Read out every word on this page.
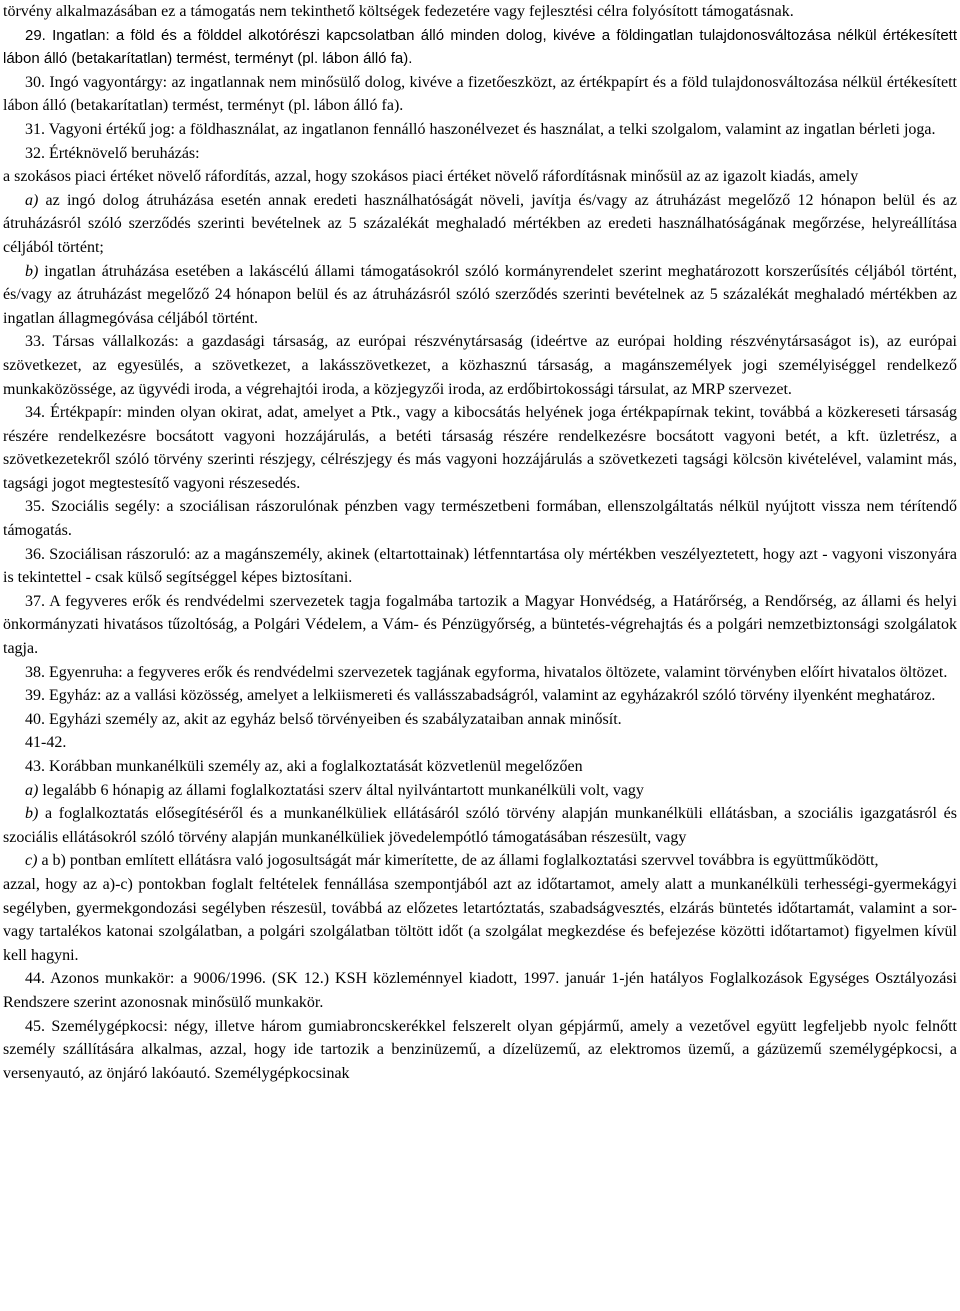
törvény alkalmazásában ez a támogatás nem tekinthető költségek fedezetére vagy fejlesztési célra folyósított támogatásnak.

29. Ingatlan: a föld és a földdel alkotórészi kapcsolatban álló minden dolog, kivéve a földingatlan tulajdonosváltozása nélkül értékesített lábon álló (betakarítatlan) termést, terményt (pl. lábon álló fa).

30. Ingó vagyontárgy: az ingatlannak nem minősülő dolog, kivéve a fizetőeszközt, az értékpapírt és a föld tulajdonosváltozása nélkül értékesített lábon álló (betakarítatlan) termést, terményt (pl. lábon álló fa).

31. Vagyoni értékű jog: a földhasználat, az ingatlanon fennálló haszonélvezet és használat, a telki szolgalom, valamint az ingatlan bérleti joga.

32. Értéknövelő beruházás:

a szokásos piaci értéket növelő ráfordítás, azzal, hogy szokásos piaci értéket növelő ráfordításnak minősül az az igazolt kiadás, amely

a) az ingó dolog átruházása esetén annak eredeti használhatóságát növeli, javítja és/vagy az átruházást megelőző 12 hónapon belül és az átruházásról szóló szerződés szerinti bevételnek az 5 százalékát meghaladó mértékben az eredeti használhatóságának megőrzése, helyreállítása céljából történt;

b) ingatlan átruházása esetében a lakáscélú állami támogatásokról szóló kormányrendelet szerint meghatározott korszerűsítés céljából történt, és/vagy az átruházást megelőző 24 hónapon belül és az átruházásról szóló szerződés szerinti bevételnek az 5 százalékát meghaladó mértékben az ingatlan állagmegóvása céljából történt.

33. Társas vállalkozás: a gazdasági társaság, az európai részvénytársaság (ideértve az európai holding részvénytársaságot is), az európai szövetkezet, az egyesülés, a szövetkezet, a lakásszövetkezet, a közhasznú társaság, a magánszemélyek jogi személyiséggel rendelkező munkaközössége, az ügyvédi iroda, a végrehajtói iroda, a közjegyzői iroda, az erdőbirtokossági társulat, az MRP szervezet.

34. Értékpapír: minden olyan okirat, adat, amelyet a Ptk., vagy a kibocsátás helyének joga értékpapírnak tekint, továbbá a közkereseti társaság részére rendelkezésre bocsátott vagyoni hozzájárulás, a betéti társaság részére rendelkezésre bocsátott vagyoni betét, a kft. üzletrész, a szövetkezetekről szóló törvény szerinti részjegy, célrészjegy és más vagyoni hozzájárulás a szövetkezeti tagsági kölcsön kivételével, valamint más, tagsági jogot megtestesítő vagyoni részesedés.

35. Szociális segély: a szociálisan rászorulónak pénzben vagy természetbeni formában, ellenszolgáltatás nélkül nyújtott vissza nem térítendő támogatás.

36. Szociálisan rászoruló: az a magánszemély, akinek (eltartottainak) létfenntartása oly mértékben veszélyeztetett, hogy azt - vagyoni viszonyára is tekintettel - csak külső segítséggel képes biztosítani.

37. A fegyveres erők és rendvédelmi szervezetek tagja fogalmába tartozik a Magyar Honvédség, a Határőrség, a Rendőrség, az állami és helyi önkormányzati hivatásos tűzoltóság, a Polgári Védelem, a Vám- és Pénzügyőrség, a büntetés-végrehajtás és a polgári nemzetbiztonsági szolgálatok tagja.

38. Egyenruha: a fegyveres erők és rendvédelmi szervezetek tagjának egyforma, hivatalos öltözete, valamint törvényben előírt hivatalos öltözet.

39. Egyház: az a vallási közösség, amelyet a lelkiismereti és vallásszabadságról, valamint az egyházakról szóló törvény ilyenként meghatároz.

40. Egyházi személy az, akit az egyház belső törvényeiben és szabályzataiban annak minősít.

41-42.

43. Korábban munkanélküli személy az, aki a foglalkoztatását közvetlenül megelőzően

a) legalább 6 hónapig az állami foglalkoztatási szerv által nyilvántartott munkanélküli volt, vagy

b) a foglalkoztatás elősegítéséről és a munkanélküliek ellátásáról szóló törvény alapján munkanélküli ellátásban, a szociális igazgatásról és szociális ellátásokról szóló törvény alapján munkanélküliek jövedelempótló támogatásában részesült, vagy

c) a b) pontban említett ellátásra való jogosultságát már kimerítette, de az állami foglalkoztatási szervvel továbbra is együttműködött,

azzal, hogy az a)-c) pontokban foglalt feltételek fennállása szempontjából azt az időtartamot, amely alatt a munkanélküli terhességi-gyermekágyi segélyben, gyermekgondozási segélyben részesül, továbbá az előzetes letartóztatás, szabadságvesztés, elzárás büntetés időtartamát, valamint a sor- vagy tartalékos katonai szolgálatban, a polgári szolgálatban töltött időt (a szolgálat megkezdése és befejezése közötti időtartamot) figyelmen kívül kell hagyni.

44. Azonos munkakör: a 9006/1996. (SK 12.) KSH közleménnyel kiadott, 1997. január 1-jén hatályos Foglalkozások Egységes Osztályozási Rendszere szerint azonosnak minősülő munkakör.

45. Személygépkocsi: négy, illetve három gumiabroncskerékkel felszerelt olyan gépjármű, amely a vezetővel együtt legfeljebb nyolc felnőtt személy szállítására alkalmas, azzal, hogy ide tartozik a benzinüzemű, a dízelüzemű, az elektromos üzemű, a gázüzemű személygépkocsi, a versenyautó, az önjáró lakóautó. Személygépkocsinak
